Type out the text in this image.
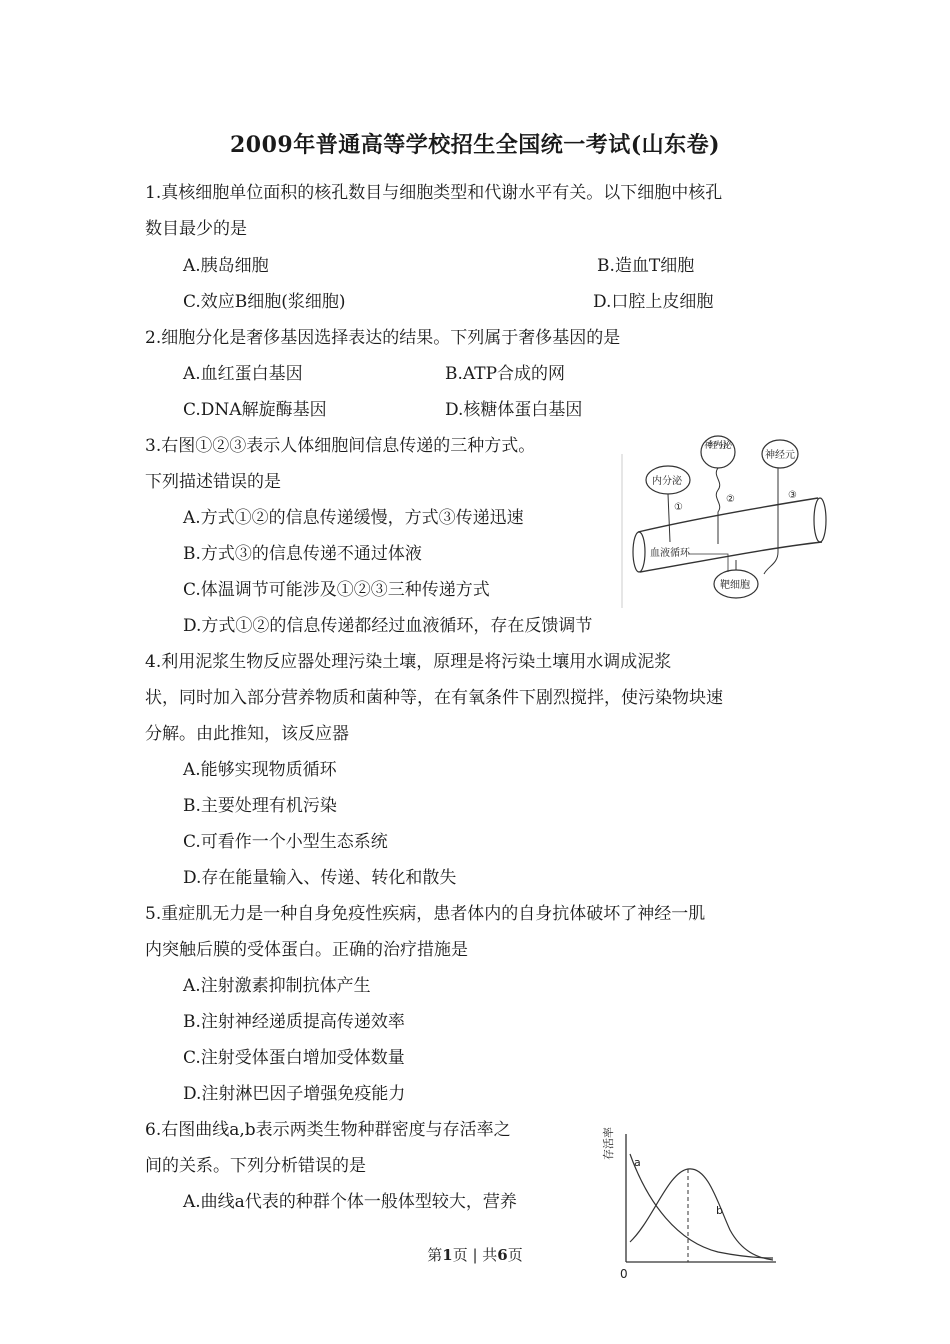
2009年普通高等学校招生全国统一考试(山东卷)
1.真核细胞单位面积的核孔数目与细胞类型和代谢水平有关。以下细胞中核孔
数目最少的是
A.胰岛细胞	B.造血T细胞
C.效应B细胞(浆细胞)	D.口腔上皮细胞
2.细胞分化是奢侈基因选择表达的结果。下列属于奢侈基因的是
A.血红蛋白基因	B.ATP合成的网
C.DNA解旋酶基因	D.核糖体蛋白基因
3.右图①②③表示人体细胞间信息传递的三种方式。
下列描述错误的是
A.方式①②的信息传递缓慢，方式③传递迅速
B.方式③的信息传递不通过体液
C.体温调节可能涉及①②③三种传递方式
D.方式①②的信息传递都经过血液循环，存在反馈调节
内分泌
①
神经内分泌
②
神经元
③
血液循环
靶细胞
4.利用泥浆生物反应器处理污染土壤，原理是将污染土壤用水调成泥浆
状，同时加入部分营养物质和菌种等，在有氧条件下剧烈搅拌，使污染物块速
分解。由此推知，该反应器
A.能够实现物质循环
B.主要处理有机污染
C.可看作一个小型生态系统
D.存在能量输入、传递、转化和散失
5.重症肌无力是一种自身免疫性疾病，患者体内的自身抗体破坏了神经一肌
内突触后膜的受体蛋白。正确的治疗措施是
A.注射激素抑制抗体产生
B.注射神经递质提高传递效率
C.注射受体蛋白增加受体数量
D.注射淋巴因子增强免疫能力
6.右图曲线a,b表示两类生物种群密度与存活率之
间的关系。下列分析错误的是
A.曲线a代表的种群个体一般体型较大，营养
存活率
0
a
b
第1页 | 共6页
